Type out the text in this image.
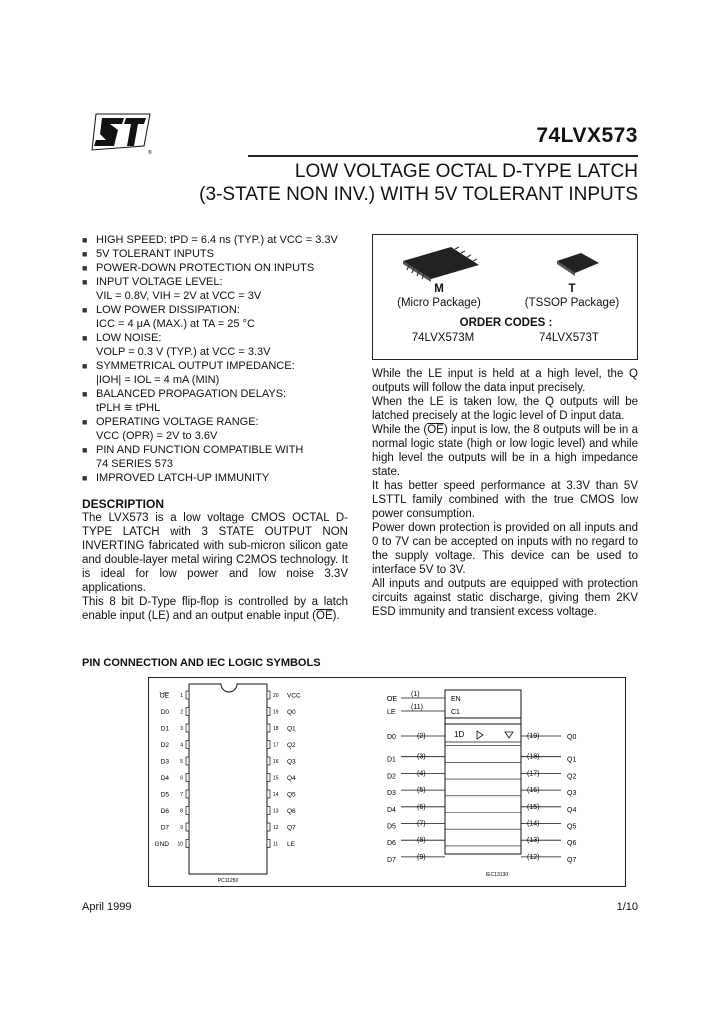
®
74LVX573
LOW VOLTAGE OCTAL D-TYPE LATCH
(3-STATE NON INV.) WITH 5V TOLERANT INPUTS
■ HIGH SPEED: tPD = 6.4 ns (TYP.) at VCC = 3.3V
■ 5V TOLERANT INPUTS
■ POWER-DOWN PROTECTION ON INPUTS
■ INPUT VOLTAGE LEVEL:
VIL = 0.8V, VIH = 2V at VCC = 3V
■ LOW POWER DISSIPATION:
ICC = 4 μA (MAX.) at TA = 25 °C
■ LOW NOISE:
VOLP = 0.3 V (TYP.) at VCC = 3.3V
■ SYMMETRICAL OUTPUT IMPEDANCE:
|IOH| = IOL = 4 mA (MIN)
■ BALANCED PROPAGATION DELAYS:
tPLH ≅ tPHL
■ OPERATING VOLTAGE RANGE:
VCC (OPR) = 2V to 3.6V
■ PIN AND FUNCTION COMPATIBLE WITH
74 SERIES 573
■ IMPROVED LATCH-UP IMMUNITY
M
(Micro Package)
T
(TSSOP Package)
ORDER CODES :
74LVX573M	74LVX573T

While the LE input is held at a high level, the Q outputs will follow the data input precisely.

When the LE is taken low, the Q outputs will be latched precisely at the logic level of D input data.

While the $(\overline{OE})$ input is low, the 8 outputs will be in a normal logic state (high or low logic level) and while high level the outputs will be in a high impedance state.

It has better speed performance at 3.3V than 5V LSTTL family combined with the true CMOS low power consumption.

Power down protection is provided on all inputs and 0 to 7V can be accepted on inputs with no regard to the supply voltage. This device can be used to interface 5V to 3V.

All inputs and outputs are equipped with protection circuits against static discharge, giving them 2KV ESD immunity and transient excess voltage.

DESCRIPTION

The LVX573 is a low voltage CMOS OCTAL D-TYPE LATCH with 3 STATE OUTPUT NON INVERTING fabricated with sub-micron silicon gate and double-layer metal wiring C2MOS technology. It is ideal for low power and low noise 3.3V applications.

This 8 bit D-Type flip-flop is controlled by a latch enable input (LE) and an output enable input $(\overline{OE})$.

PIN CONNECTION AND IEC LOGIC SYMBOLS
1
OE
2
D0
3
D1
4
D2
5
D3
6
D4
7
D5
8
D6
9
D7
10
GND
20 VCC
19 Q0
18 Q1
17 Q2
16 Q3
15 Q4
14 Q5
13 Q6
12 Q7
11 LE
PC11250
OE
(1)
EN
LE
(11)
C1
D0	(2)	(19)	Q0
D1	(3)	(18)	Q1
D2	(4)	(17)	Q2
D3	(5)	(16)	Q3
D4	(6)	(15)	Q4
D5	(7)	(14)	Q5
D6	(8)	(13)	Q6
D7	(9)	(12)	Q7
1D
IEC13130
April 1999	1/10
